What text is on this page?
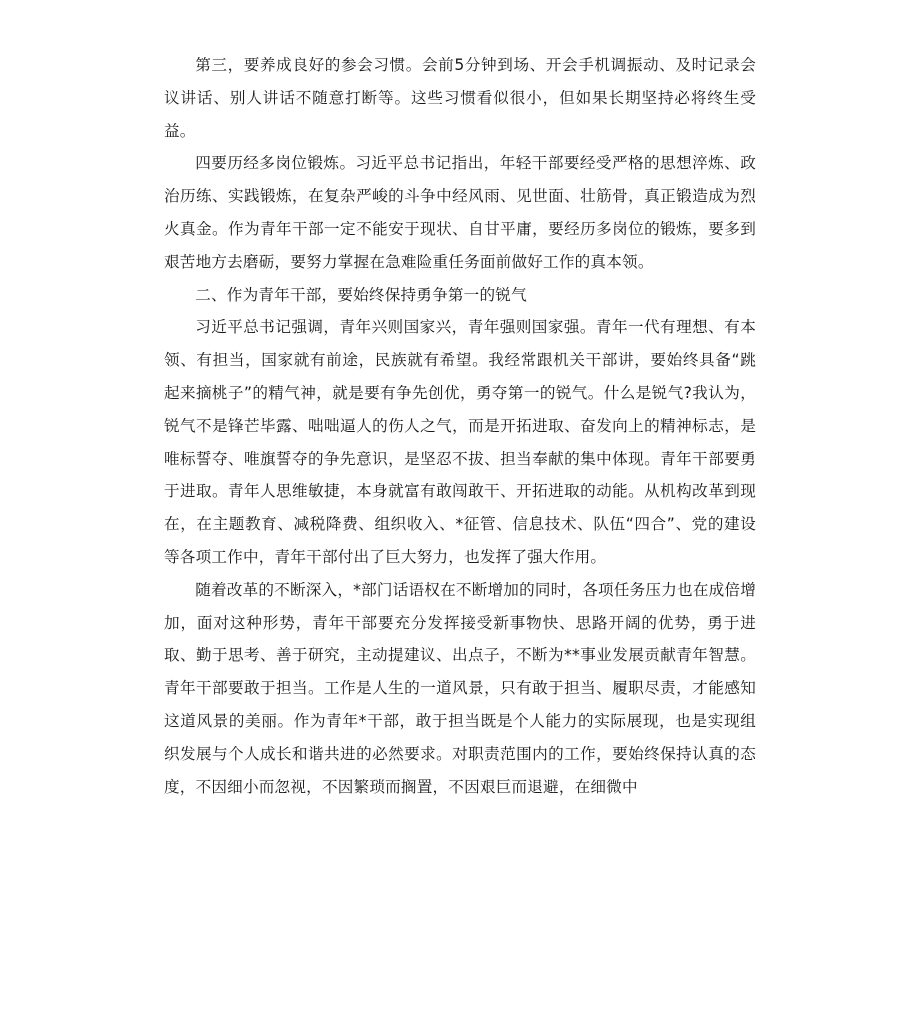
第三，要养成良好的参会习惯。会前5分钟到场、开会手机调振动、及时记录会议讲话、别人讲话不随意打断等。这些习惯看似很小，但如果长期坚持必将终生受益。

四要历经多岗位锻炼。习近平总书记指出，年轻干部要经受严格的思想淬炼、政治历练、实践锻炼，在复杂严峻的斗争中经风雨、见世面、壮筋骨，真正锻造成为烈火真金。作为青年干部一定不能安于现状、自甘平庸，要经历多岗位的锻炼，要多到艰苦地方去磨砺，要努力掌握在急难险重任务面前做好工作的真本领。

二、作为青年干部，要始终保持勇争第一的锐气

习近平总书记强调，青年兴则国家兴，青年强则国家强。青年一代有理想、有本领、有担当，国家就有前途，民族就有希望。我经常跟机关干部讲，要始终具备“跳起来摘桃子”的精气神，就是要有争先创优，勇夺第一的锐气。什么是锐气?我认为，锐气不是锋芒毕露、咄咄逼人的伤人之气，而是开拓进取、奋发向上的精神标志，是唯标誓夺、唯旗誓夺的争先意识，是坚忍不拔、担当奉献的集中体现。青年干部要勇于进取。青年人思维敏捷，本身就富有敢闯敢干、开拓进取的动能。从机构改革到现在，在主题教育、减税降费、组织收入、*征管、信息技术、队伍“四合”、党的建设等各项工作中，青年干部付出了巨大努力，也发挥了强大作用。

随着改革的不断深入，*部门话语权在不断增加的同时，各项任务压力也在成倍增加，面对这种形势，青年干部要充分发挥接受新事物快、思路开阔的优势，勇于进取、勤于思考、善于研究，主动提建议、出点子，不断为**事业发展贡献青年智慧。青年干部要敢于担当。工作是人生的一道风景，只有敢于担当、履职尽责，才能感知这道风景的美丽。作为青年*干部，敢于担当既是个人能力的实际展现，也是实现组织发展与个人成长和谐共进的必然要求。对职责范围内的工作，要始终保持认真的态度，不因细小而忽视，不因繁琐而搁置，不因艰巨而退避，在细微中
